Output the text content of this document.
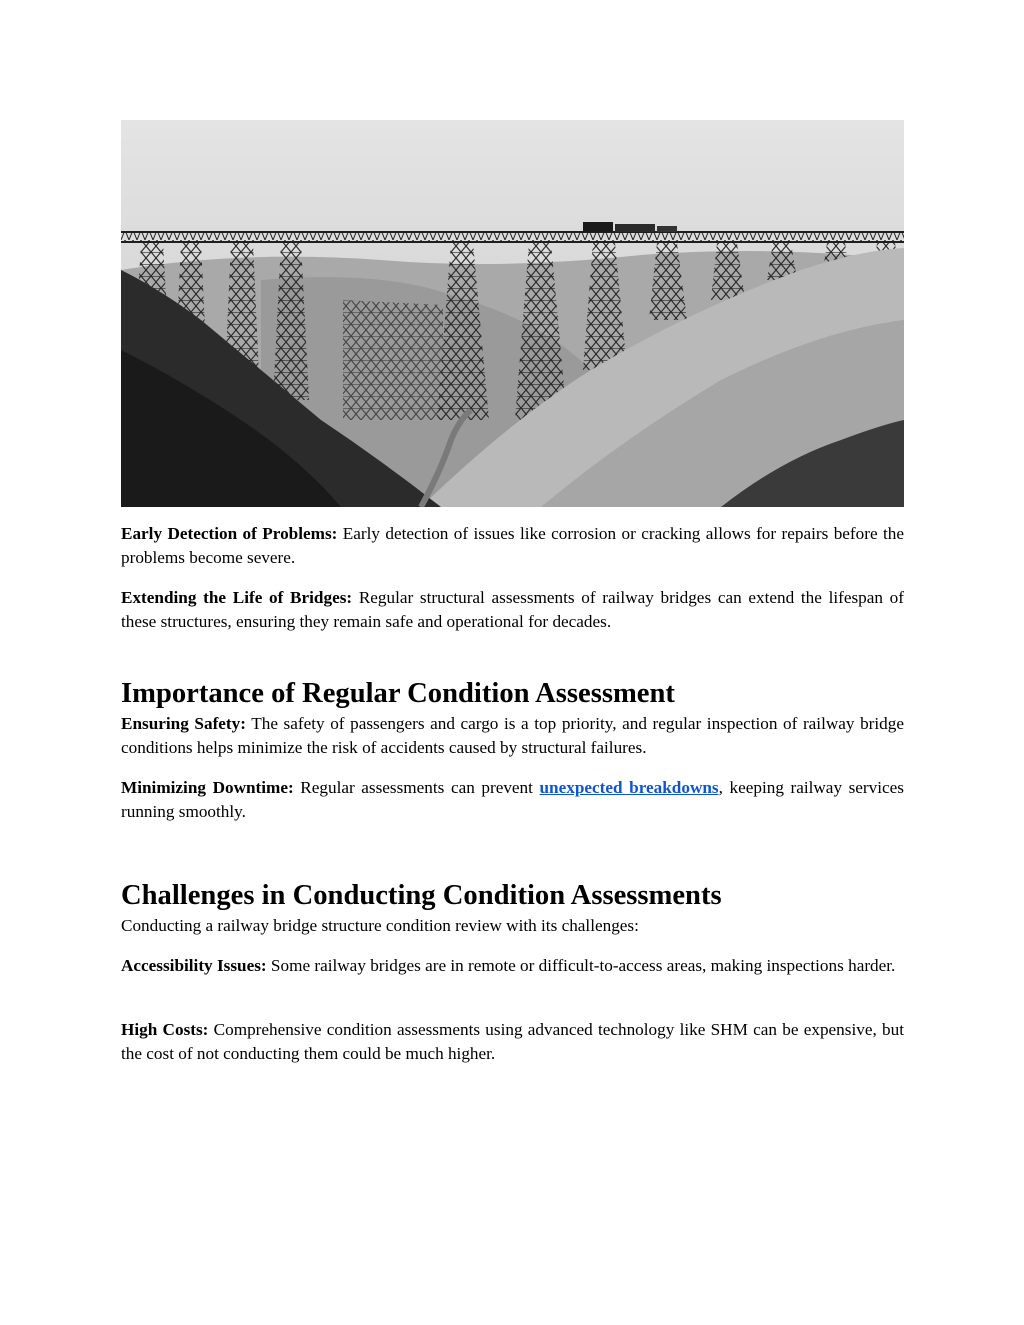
Early Detection of Problems: Early detection of issues like corrosion or cracking allows for repairs before the problems become severe.

Extending the Life of Bridges: Regular structural assessments of railway bridges can extend the lifespan of these structures, ensuring they remain safe and operational for decades.

Importance of Regular Condition Assessment

Ensuring Safety: The safety of passengers and cargo is a top priority, and regular inspection of railway bridge conditions helps minimize the risk of accidents caused by structural failures.

Minimizing Downtime: Regular assessments can prevent unexpected breakdowns, keeping railway services running smoothly.

Challenges in Conducting Condition Assessments

Conducting a railway bridge structure condition review with its challenges:

Accessibility Issues: Some railway bridges are in remote or difficult-to-access areas, making inspections harder.

High Costs: Comprehensive condition assessments using advanced technology like SHM can be expensive, but the cost of not conducting them could be much higher.
